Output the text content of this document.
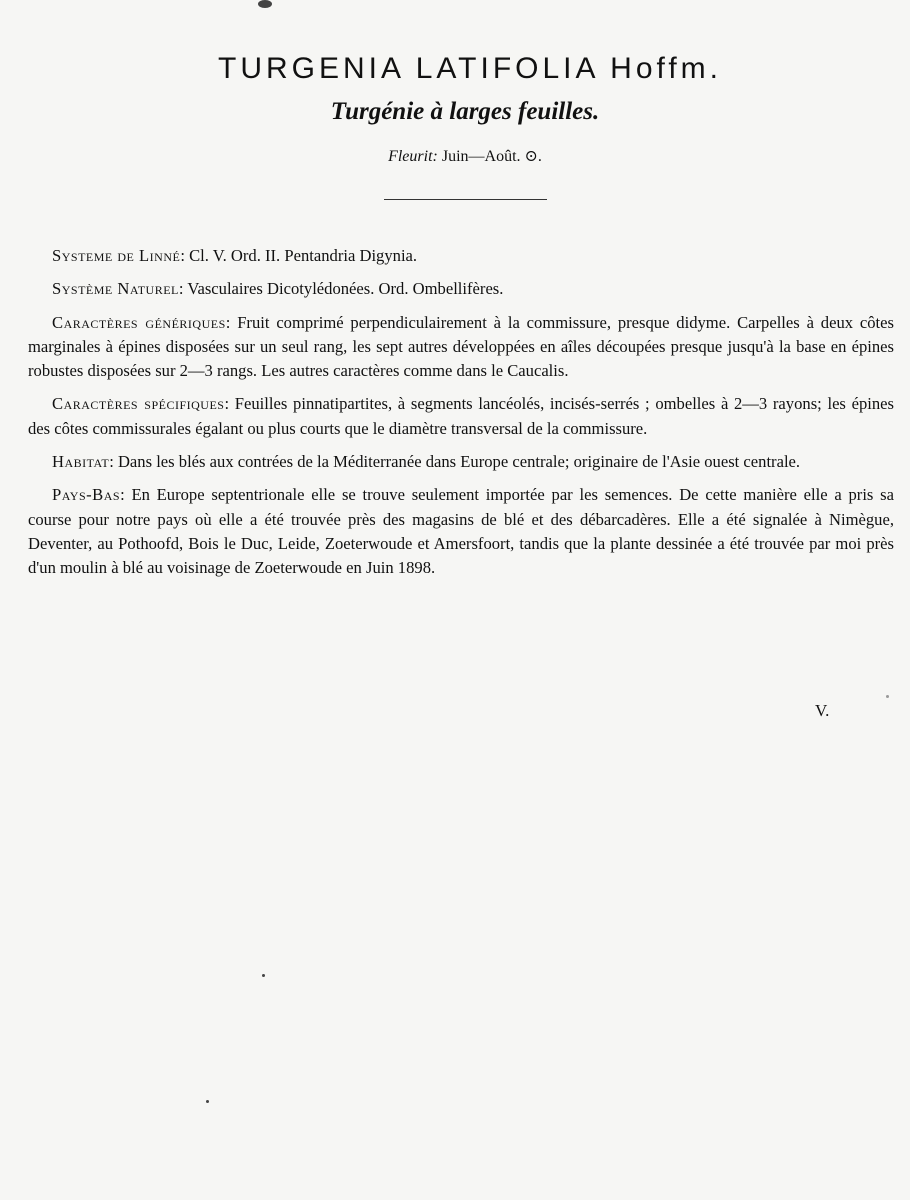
TURGENIA LATIFOLIA Hoffm.
Turgénie à larges feuilles.
Fleurit: Juin—Août. ⊙.

Systeme de Linné: Cl. V. Ord. II. Pentandria Digynia.

Système Naturel: Vasculaires Dicotylédonées. Ord. Ombellifères.

Caractères génériques: Fruit comprimé perpendiculairement à la commissure, presque didyme. Carpelles à deux côtes marginales à épines disposées sur un seul rang, les sept autres développées en aîles découpées presque jusqu'à la base en épines robustes disposées sur 2—3 rangs. Les autres caractères comme dans le Caucalis.

Caractères spécifiques: Feuilles pinnatipartites, à segments lancéolés, incisés-serrés ; ombelles à 2—3 rayons; les épines des côtes commissurales égalant ou plus courts que le diamètre transversal de la commissure.

Habitat: Dans les blés aux contrées de la Méditerranée dans Europe centrale; originaire de l'Asie ouest centrale.

Pays-Bas: En Europe septentrionale elle se trouve seulement importée par les semences. De cette manière elle a pris sa course pour notre pays où elle a été trouvée près des magasins de blé et des débarcadères. Elle a été signalée à Nimègue, Deventer, au Pothoofd, Bois le Duc, Leide, Zoeterwoude et Amersfoort, tandis que la plante dessinée a été trouvée par moi près d'un moulin à blé au voisinage de Zoeterwoude en Juin 1898.

V.
